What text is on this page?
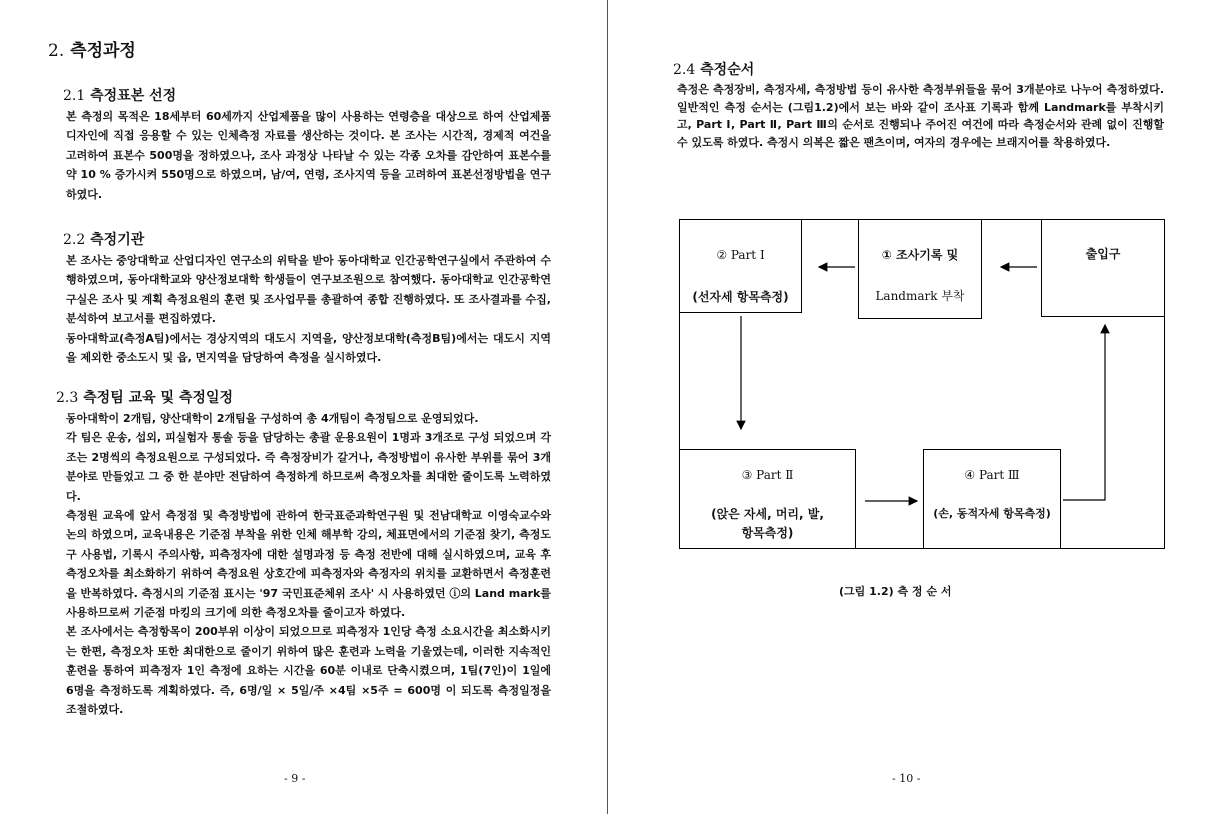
2. 측정과정
2.1 측정표본 선정

본 측정의 목적은 18세부터 60세까지 산업제품을 많이 사용하는 연령층을 대상으로 하여 산업제품 디자인에 직접 응용할 수 있는 인체측정 자료를 생산하는 것이다. 본 조사는 시간적, 경제적 여건을 고려하여 표본수 500명을 정하였으나, 조사 과정상 나타날 수 있는 각종 오차를 감안하여 표본수를 약 10 % 증가시켜 550명으로 하였으며, 남/여, 연령, 조사지역 등을 고려하여 표본선정방법을 연구하였다.

2.2 측정기관

본 조사는 중앙대학교 산업디자인 연구소의 위탁을 받아 동아대학교 인간공학연구실에서 주관하여 수행하였으며, 동아대학교와 양산정보대학 학생들이 연구보조원으로 참여했다. 동아대학교 인간공학연구실은 조사 및 계획 측정요원의 훈련 및 조사업무를 총괄하여 종합 진행하였다. 또 조사결과를 수집, 분석하여 보고서를 편집하였다.

동아대학교(측정A팀)에서는 경상지역의 대도시 지역을, 양산정보대학(측정B팀)에서는 대도시 지역을 제외한 중소도시 및 읍, 면지역을 담당하여 측정을 실시하였다.

2.3 측정팀 교육 및 측정일정

동아대학이 2개팀, 양산대학이 2개팀을 구성하여 총 4개팀이 측정팀으로 운영되었다.

각 팀은 운송, 섭외, 피실험자 통솔 등을 담당하는 총괄 운용요원이 1명과 3개조로 구성 되었으며 각 조는 2명씩의 측정요원으로 구성되었다. 즉 측정장비가 갈거나, 측정방법이 유사한 부위를 묶어 3개 분야로 만들었고 그 중 한 분야만 전담하여 측정하게 하므로써 측정오차를 최대한 줄이도록 노력하였다.

측정원 교육에 앞서 측정점 및 측정방법에 관하여 한국표준과학연구원 및 전남대학교 이영숙교수와 논의 하였으며, 교육내용은 기준점 부착을 위한 인체 해부학 강의, 체표면에서의 기준점 찾기, 측정도구 사용법, 기록시 주의사항, 피측정자에 대한 설명과정 등 측정 전반에 대해 실시하였으며, 교육 후 측정오차를 최소화하기 위하여 측정요원 상호간에 피측정자와 측정자의 위치를 교환하면서 측정훈련을 반복하였다. 측정시의 기준점 표시는 '97 국민표준체위 조사' 시 사용하였던 ⓘ의 Land mark를 사용하므로써 기준점 마킹의 크기에 의한 측정오차를 줄이고자 하였다.

본 조사에서는 측정항목이 200부위 이상이 되었으므로 피측정자 1인당 측정 소요시간을 최소화시키는 한편, 측정오차 또한 최대한으로 줄이기 위하여 많은 훈련과 노력을 기울였는데, 이러한 지속적인 훈련을 통하여 피측정자 1인 측정에 요하는 시간을 60분 이내로 단축시켰으며, 1팀(7인)이 1일에 6명을 측정하도록 계획하였다. 즉, 6명/일 × 5일/주 ×4팀 ×5주 = 600명 이 되도록 측정일정을 조절하였다.

- 9 -
2.4 측정순서

측정은 측정장비, 측정자세, 측정방법 등이 유사한 측정부위들을 묶어 3개분야로 나누어 측정하였다. 일반적인 측정 순서는 (그림1.2)에서 보는 바와 같이 조사표 기록과 함께 Landmark를 부착시키고, Part Ⅰ, Part Ⅱ, Part Ⅲ의 순서로 진행되나 주어진 여건에 따라 측정순서와 관례 없이 진행할 수 있도록 하였다. 측정시 의복은 짧은 팬츠이며, 여자의 경우에는 브래지어를 착용하였다.

② Part Ⅰ
(선자세 항목측정)
① 조사기록 및
Landmark 부착
출입구
③ Part Ⅱ
(앉은 자세, 머리, 발,
항목측정)
④ Part Ⅲ
(손, 동적자세 항목측정)
(그림 1.2) 측 정 순 서
- 10 -
